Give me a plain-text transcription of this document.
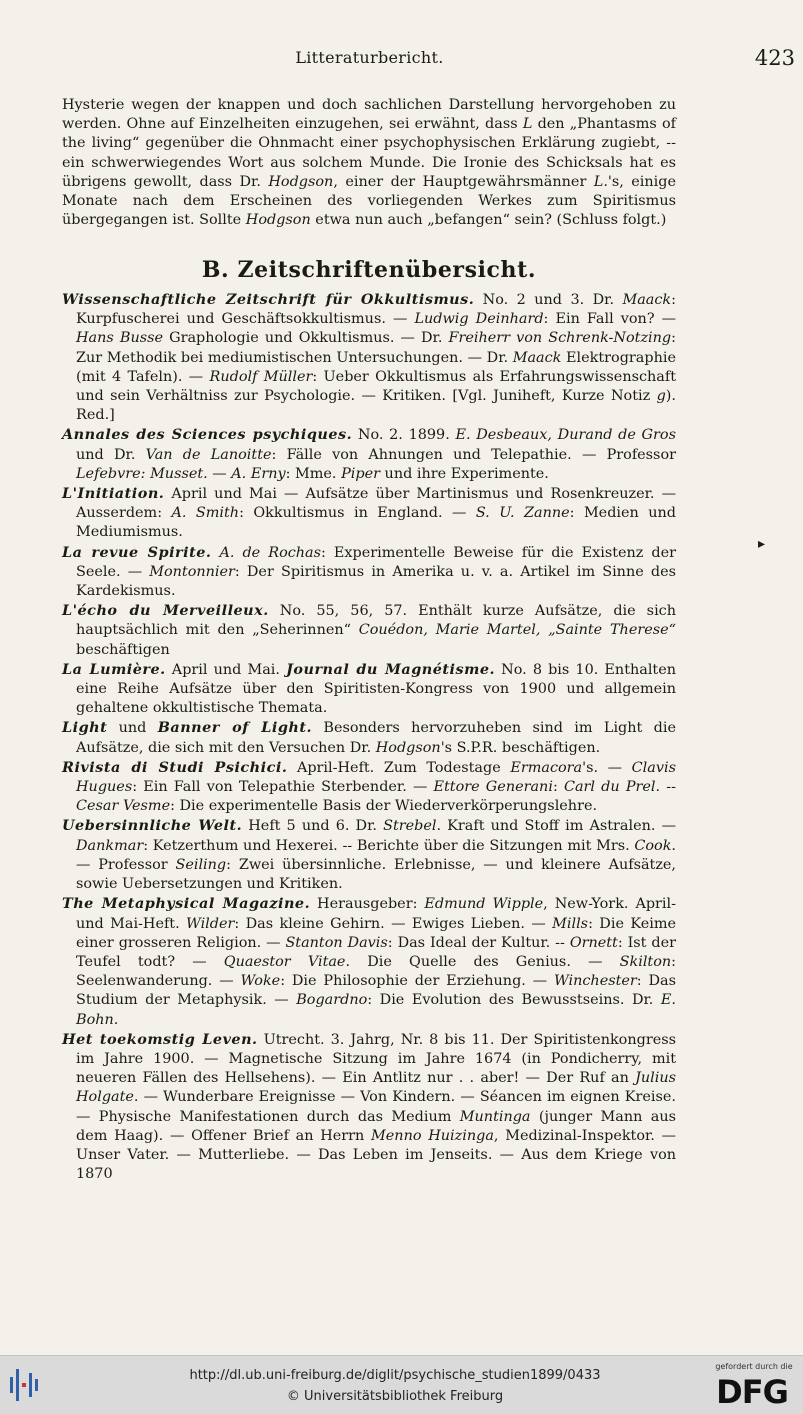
Litteraturbericht.	423

Hysterie wegen der knappen und doch sachlichen Darstellung hervorgehoben zu werden. Ohne auf Einzelheiten einzugehen, sei erwähnt, dass L den „Phantasms of the living“ gegenüber die Ohnmacht einer psychophysischen Erklärung zugiebt, -- ein schwerwiegendes Wort aus solchem Munde. Die Ironie des Schicksals hat es übrigens gewollt, dass Dr. Hodgson, einer der Hauptgewährsmänner L.'s, einige Monate nach dem Erscheinen des vorliegenden Werkes zum Spiritismus übergegangen ist. Sollte Hodgson etwa nun auch „befangen“ sein? (Schluss folgt.)

B. Zeitschriftenübersicht.

Wissenschaftliche Zeitschrift für Okkultismus. No. 2 und 3. Dr. Maack: Kurpfuscherei und Geschäftsokkultismus. — Ludwig Deinhard: Ein Fall von? — Hans Busse Graphologie und Okkultismus. — Dr. Freiherr von Schrenk-Notzing: Zur Methodik bei mediumistischen Untersuchungen. — Dr. Maack Elektrographie (mit 4 Tafeln). — Rudolf Müller: Ueber Okkultismus als Erfahrungswissenschaft und sein Verhältniss zur Psychologie. — Kritiken. [Vgl. Juniheft, Kurze Notiz g). Red.]

Annales des Sciences psychiques. No. 2. 1899. E. Desbeaux, Durand de Gros und Dr. Van de Lanoitte: Fälle von Ahnungen und Telepathie. — Professor Lefebvre: Musset. — A. Erny: Mme. Piper und ihre Experimente.

L'Initiation. April und Mai — Aufsätze über Martinismus und Rosenkreuzer. — Ausserdem: A. Smith: Okkultismus in England. — S. U. Zanne: Medien und Mediumismus.

La revue Spirite. A. de Rochas: Experimentelle Beweise für die Existenz der Seele. — Montonnier: Der Spiritismus in Amerika u. v. a. Artikel im Sinne des Kardekismus.

L'écho du Merveilleux. No. 55, 56, 57. Enthält kurze Aufsätze, die sich hauptsächlich mit den „Seherinnen“ Couédon, Marie Martel, „Sainte Therese“ beschäftigen

La Lumière. April und Mai. Journal du Magnétisme. No. 8 bis 10. Enthalten eine Reihe Aufsätze über den Spiritisten-Kongress von 1900 und allgemein gehaltene okkultistische Themata.

Light und Banner of Light. Besonders hervorzuheben sind im Light die Aufsätze, die sich mit den Versuchen Dr. Hodgson's S.P.R. beschäftigen.

Rivista di Studi Psichici. April-Heft. Zum Todestage Ermacora's. — Clavis Hugues: Ein Fall von Telepathie Sterbender. — Ettore Generani: Carl du Prel. -- Cesar Vesme: Die experimentelle Basis der Wiederverkörperungslehre.

Uebersinnliche Welt. Heft 5 und 6. Dr. Strebel. Kraft und Stoff im Astralen. — Dankmar: Ketzerthum und Hexerei. -- Berichte über die Sitzungen mit Mrs. Cook. — Professor Seiling: Zwei übersinnliche. Erlebnisse, — und kleinere Aufsätze, sowie Uebersetzungen und Kritiken.

The Metaphysical Magazine. Herausgeber: Edmund Wipple, New-York. April- und Mai-Heft. Wilder: Das kleine Gehirn. — Ewiges Lieben. — Mills: Die Keime einer grosseren Religion. — Stanton Davis: Das Ideal der Kultur. -- Ornett: Ist der Teufel todt? — Quaestor Vitae. Die Quelle des Genius. — Skilton: Seelenwanderung. — Woke: Die Philosophie der Erziehung. — Winchester: Das Studium der Metaphysik. — Bogardno: Die Evolution des Bewusstseins. Dr. E. Bohn.

Het toekomstig Leven. Utrecht. 3. Jahrg, Nr. 8 bis 11. Der Spiritistenkongress im Jahre 1900. — Magnetische Sitzung im Jahre 1674 (in Pondicherry, mit neueren Fällen des Hellsehens). — Ein Antlitz nur . . aber! — Der Ruf an Julius Holgate. — Wunderbare Ereignisse — Von Kindern. — Séancen im eignen Kreise. — Physische Manifestationen durch das Medium Muntinga (junger Mann aus dem Haag). — Offener Brief an Herrn Menno Huizinga, Medizinal-Inspektor. — Unser Vater. — Mutterliebe. — Das Leben im Jenseits. — Aus dem Kriege von 1870

▸
http://dl.ub.uni-freiburg.de/diglit/psychische_studien1899/0433
© Universitätsbibliothek Freiburg
gefordert durch die
DFG
